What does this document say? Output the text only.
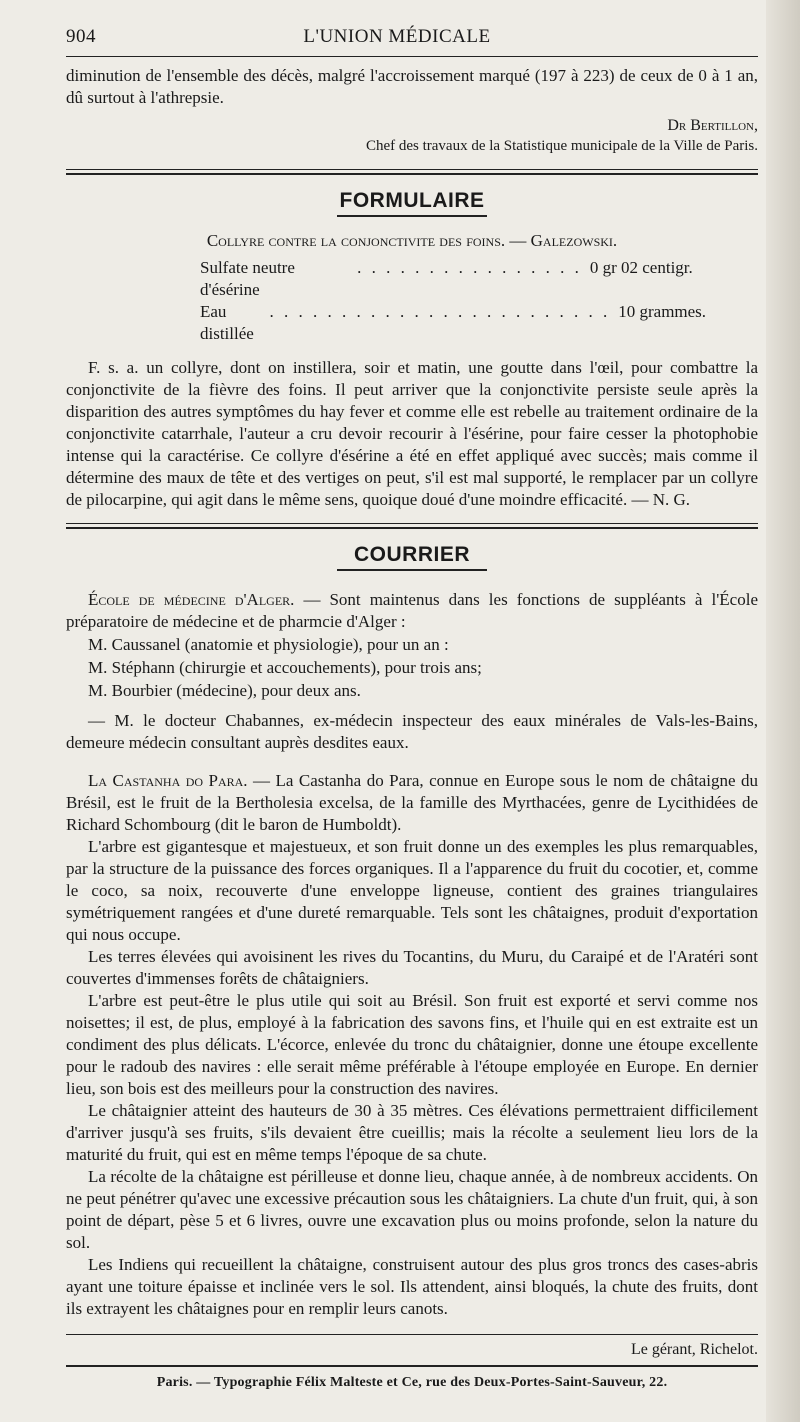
904	L'UNION MÉDICALE

diminution de l'ensemble des décès, malgré l'accroissement marqué (197 à 223) de ceux de 0 à 1 an, dû surtout à l'athrepsie.

Dr Bertillon,

Chef des travaux de la Statistique municipale de la Ville de Paris.

FORMULAIRE
Collyre contre la conjonctivite des foins. — Galezowski.
Sulfate neutre d'ésérine
. . . . . . . . . . . . . . . . 0 gr 02 centigr.
Eau distillée
. . . . . . . . . . . . . . . . . . . . . . . . 10 grammes.

F. s. a. un collyre, dont on instillera, soir et matin, une goutte dans l'œil, pour combattre la conjonctivite de la fièvre des foins. Il peut arriver que la conjonctivite persiste seule après la disparition des autres symptômes du hay fever et comme elle est rebelle au traitement ordinaire de la conjonctivite catarrhale, l'auteur a cru devoir recourir à l'ésérine, pour faire cesser la photophobie intense qui la caractérise. Ce collyre d'ésérine a été en effet appliqué avec succès; mais comme il détermine des maux de tête et des vertiges on peut, s'il est mal supporté, le remplacer par un collyre de pilocarpine, qui agit dans le même sens, quoique doué d'une moindre efficacité. — N. G.

COURRIER

École de médecine d'Alger. — Sont maintenus dans les fonctions de suppléants à l'École préparatoire de médecine et de pharmcie d'Alger :

M. Caussanel (anatomie et physiologie), pour un an :
M. Stéphann (chirurgie et accouchements), pour trois ans;
M. Bourbier (médecine), pour deux ans.

— M. le docteur Chabannes, ex-médecin inspecteur des eaux minérales de Vals-les-Bains, demeure médecin consultant auprès desdites eaux.

La Castanha do Para. — La Castanha do Para, connue en Europe sous le nom de châtaigne du Brésil, est le fruit de la Bertholesia excelsa, de la famille des Myrthacées, genre de Lycithidées de Richard Schombourg (dit le baron de Humboldt).

L'arbre est gigantesque et majestueux, et son fruit donne un des exemples les plus remarquables, par la structure de la puissance des forces organiques. Il a l'apparence du fruit du cocotier, et, comme le coco, sa noix, recouverte d'une enveloppe ligneuse, contient des graines triangulaires symétriquement rangées et d'une dureté remarquable. Tels sont les châtaignes, produit d'exportation qui nous occupe.

Les terres élevées qui avoisinent les rives du Tocantins, du Muru, du Caraipé et de l'Aratéri sont couvertes d'immenses forêts de châtaigniers.

L'arbre est peut-être le plus utile qui soit au Brésil. Son fruit est exporté et servi comme nos noisettes; il est, de plus, employé à la fabrication des savons fins, et l'huile qui en est extraite est un condiment des plus délicats. L'écorce, enlevée du tronc du châtaignier, donne une étoupe excellente pour le radoub des navires : elle serait même préférable à l'étoupe employée en Europe. En dernier lieu, son bois est des meilleurs pour la construction des navires.

Le châtaignier atteint des hauteurs de 30 à 35 mètres. Ces élévations permettraient difficilement d'arriver jusqu'à ses fruits, s'ils devaient être cueillis; mais la récolte a seulement lieu lors de la maturité du fruit, qui est en même temps l'époque de sa chute.

La récolte de la châtaigne est périlleuse et donne lieu, chaque année, à de nombreux accidents. On ne peut pénétrer qu'avec une excessive précaution sous les châtaigniers. La chute d'un fruit, qui, à son point de départ, pèse 5 et 6 livres, ouvre une excavation plus ou moins profonde, selon la nature du sol.

Les Indiens qui recueillent la châtaigne, construisent autour des plus gros troncs des cases-abris ayant une toiture épaisse et inclinée vers le sol. Ils attendent, ainsi bloqués, la chute des fruits, dont ils extrayent les châtaignes pour en remplir leurs canots.

Le gérant, Richelot.

Paris. — Typographie Félix Malteste et Ce, rue des Deux-Portes-Saint-Sauveur, 22.
